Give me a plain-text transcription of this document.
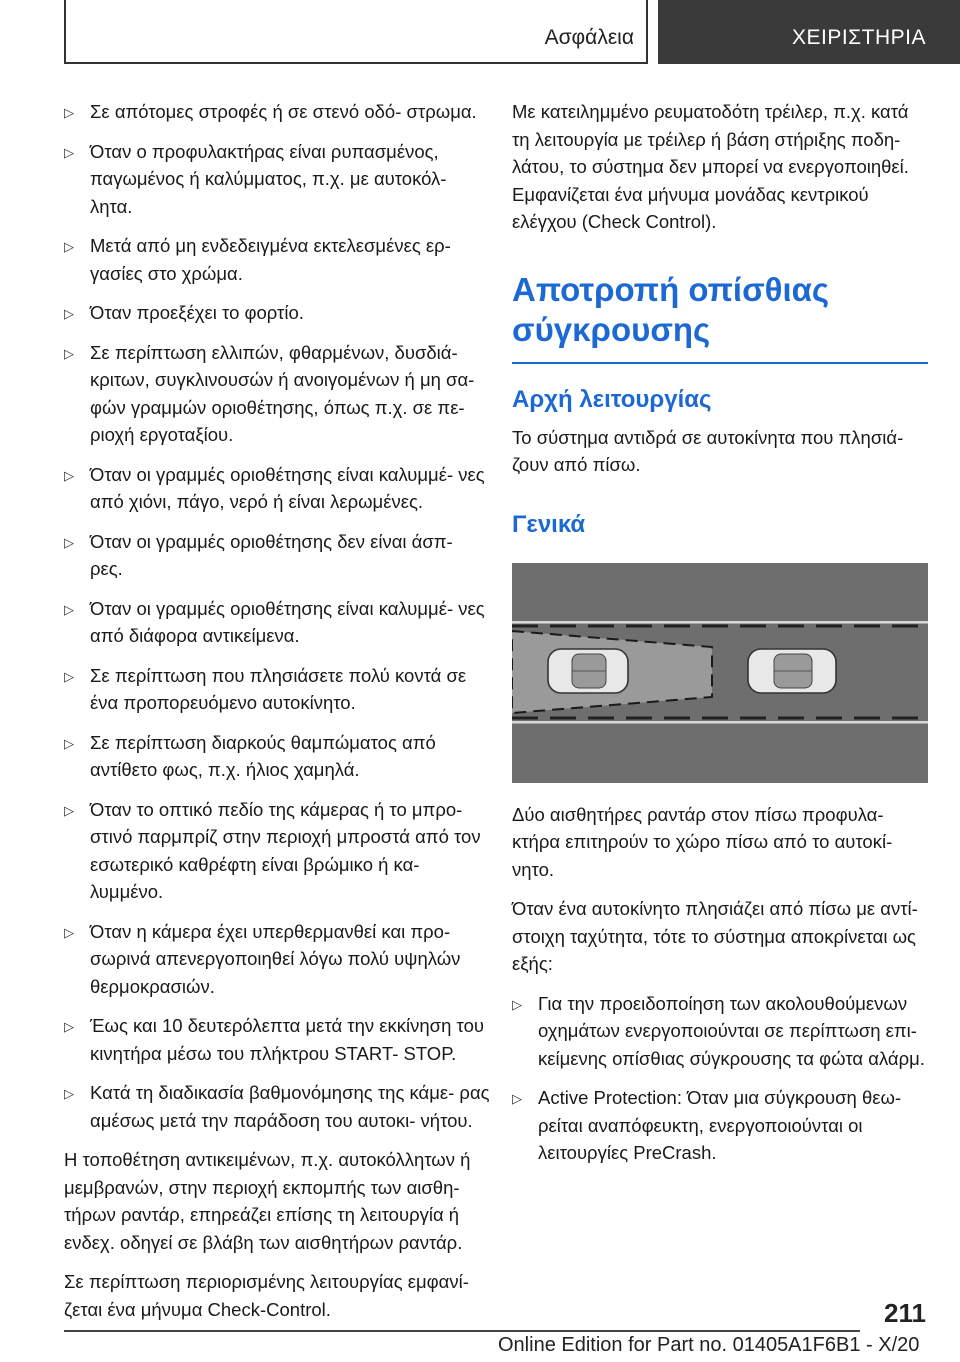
Ασφάλεια	ΧΕΙΡΙΣΤΗΡΙΑ
▷ Σε απότομες στροφές ή σε στενό οδό- στρωμα.
▷ Όταν ο προφυλακτήρας είναι ρυπασμένος, παγωμένος ή καλύμματος, π.χ. με αυτοκόλ- λητα.
▷ Μετά από μη ενδεδειγμένα εκτελεσμένες ερ- γασίες στο χρώμα.
▷ Όταν προεξέχει το φορτίο.
▷ Σε περίπτωση ελλιπών, φθαρμένων, δυσδιά- κριτων, συγκλινουσών ή ανοιγομένων ή μη σα- φών γραμμών οριοθέτησης, όπως π.χ. σε πε- ριοχή εργοταξίου.
▷ Όταν οι γραμμές οριοθέτησης είναι καλυμμέ- νες από χιόνι, πάγο, νερό ή είναι λερωμένες.
▷ Όταν οι γραμμές οριοθέτησης δεν είναι άσπ- ρες.
▷ Όταν οι γραμμές οριοθέτησης είναι καλυμμέ- νες από διάφορα αντικείμενα.
▷ Σε περίπτωση που πλησιάσετε πολύ κοντά σε ένα προπορευόμενο αυτοκίνητο.
▷ Σε περίπτωση διαρκούς θαμπώματος από αντίθετο φως, π.χ. ήλιος χαμηλά.
▷ Όταν το οπτικό πεδίο της κάμερας ή το μπρο- στινό παρμπρίζ στην περιοχή μπροστά από τον εσωτερικό καθρέφτη είναι βρώμικο ή κα- λυμμένο.
▷ Όταν η κάμερα έχει υπερθερμανθεί και προ- σωρινά απενεργοποιηθεί λόγω πολύ υψηλών θερμοκρασιών.
▷ Έως και 10 δευτερόλεπτα μετά την εκκίνηση του κινητήρα μέσω του πλήκτρου START- STOP.
▷ Κατά τη διαδικασία βαθμονόμησης της κάμε- ρας αμέσως μετά την παράδοση του αυτοκι- νήτου.
Η τοποθέτηση αντικειμένων, π.χ. αυτοκόλλητων ή μεμβρανών, στην περιοχή εκπομπής των αισθη- τήρων ραντάρ, επηρεάζει επίσης τη λειτουργία ή ενδεχ. οδηγεί σε βλάβη των αισθητήρων ραντάρ.
Σε περίπτωση περιορισμένης λειτουργίας εμφανί- ζεται ένα μήνυμα Check-Control.
Με κατειλημμένο ρευματοδότη τρέιλερ, π.χ. κατά τη λειτουργία με τρέιλερ ή βάση στήριξης ποδη- λάτου, το σύστημα δεν μπορεί να ενεργοποιηθεί. Εμφανίζεται ένα μήνυμα μονάδας κεντρικού ελέγχου (Check Control).
Αποτροπή οπίσθιας σύγκρουσης
Αρχή λειτουργίας
Το σύστημα αντιδρά σε αυτοκίνητα που πλησιά- ζουν από πίσω.
Γενικά
Δύο αισθητήρες ραντάρ στον πίσω προφυλα- κτήρα επιτηρούν το χώρο πίσω από το αυτοκί- νητο.
Όταν ένα αυτοκίνητο πλησιάζει από πίσω με αντί- στοιχη ταχύτητα, τότε το σύστημα αποκρίνεται ως εξής:
▷ Για την προειδοποίηση των ακολουθούμενων οχημάτων ενεργοποιούνται σε περίπτωση επι- κείμενης οπίσθιας σύγκρουσης τα φώτα αλάρμ.
▷ Active Protection: Όταν μια σύγκρουση θεω- ρείται αναπόφευκτη, ενεργοποιούνται οι λειτουργίες PreCrash.
211
Online Edition for Part no. 01405A1F6B1 - X/20
